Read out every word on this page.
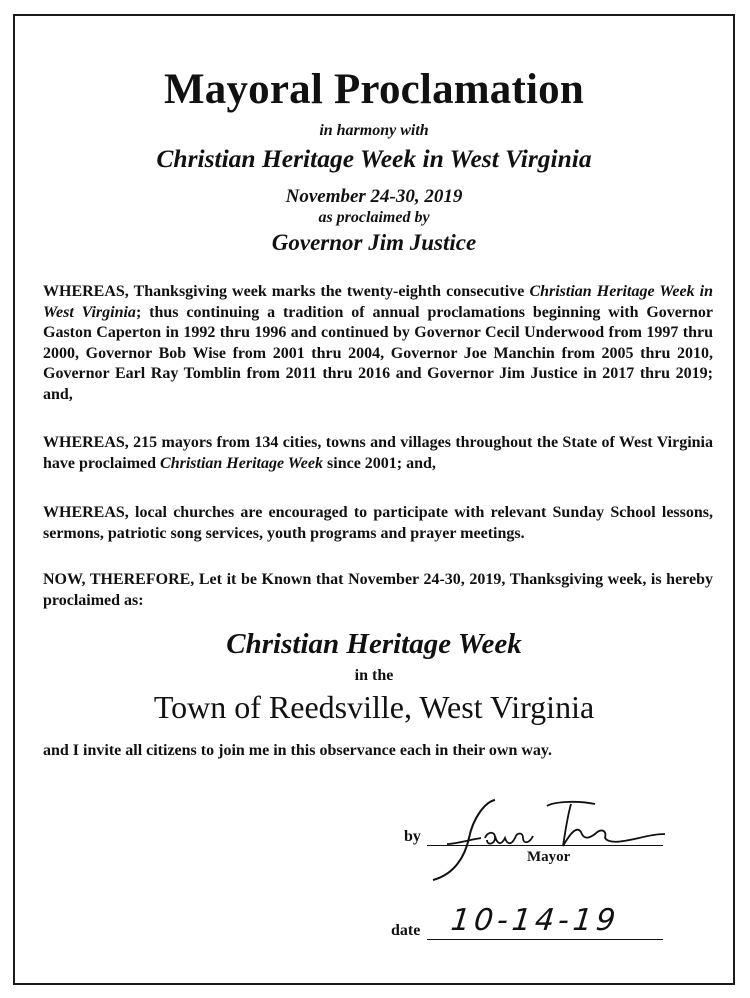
Mayoral Proclamation
in harmony with
Christian Heritage Week in West Virginia
November 24-30, 2019
as proclaimed by
Governor Jim Justice
WHEREAS, Thanksgiving week marks the twenty-eighth consecutive Christian Heritage Week in West Virginia; thus continuing a tradition of annual proclamations beginning with Governor Gaston Caperton in 1992 thru 1996 and continued by Governor Cecil Underwood from 1997 thru 2000, Governor Bob Wise from 2001 thru 2004, Governor Joe Manchin from 2005 thru 2010, Governor Earl Ray Tomblin from 2011 thru 2016 and Governor Jim Justice in 2017 thru 2019; and,
WHEREAS, 215 mayors from 134 cities, towns and villages throughout the State of West Virginia have proclaimed Christian Heritage Week since 2001; and,
WHEREAS, local churches are encouraged to participate with relevant Sunday School lessons, sermons, patriotic song services, youth programs and prayer meetings.
NOW, THEREFORE, Let it be Known that November 24-30, 2019, Thanksgiving week, is hereby proclaimed as:
Christian Heritage Week
in the
Town of Reedsville, West Virginia
and I invite all citizens to join me in this observance each in their own way.
by
Mayor
date 10-14-19
